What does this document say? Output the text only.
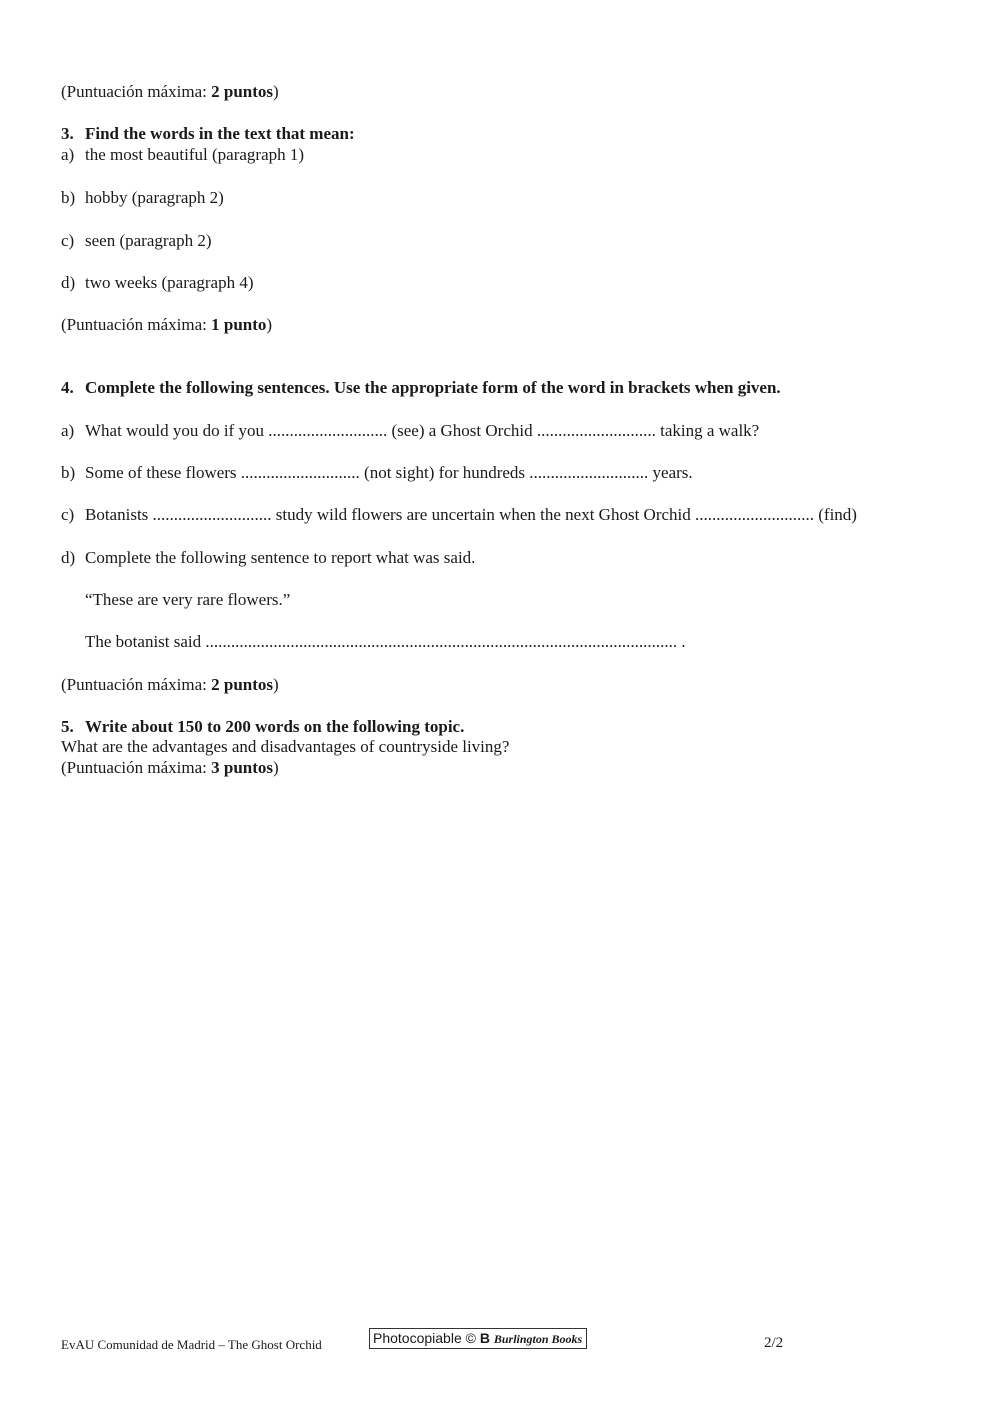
(Puntuación máxima: 2 puntos)
3. Find the words in the text that mean:
a) the most beautiful (paragraph 1)
b) hobby (paragraph 2)
c) seen (paragraph 2)
d) two weeks (paragraph 4)
(Puntuación máxima: 1 punto)
4. Complete the following sentences. Use the appropriate form of the word in brackets when given.
a) What would you do if you ............................ (see) a Ghost Orchid ............................ taking a walk?
b) Some of these flowers ............................ (not sight) for hundreds ............................ years.
c) Botanists ............................ study wild flowers are uncertain when the next Ghost Orchid ............................ (find)
d) Complete the following sentence to report what was said.
“These are very rare flowers.”
The botanist said ............................................................................................................... .
(Puntuación máxima: 2 puntos)
5. Write about 150 to 200 words on the following topic.
What are the advantages and disadvantages of countryside living?
(Puntuación máxima: 3 puntos)
EvAU Comunidad de Madrid – The Ghost Orchid	Photocopiable © B Burlington Books	2/2
